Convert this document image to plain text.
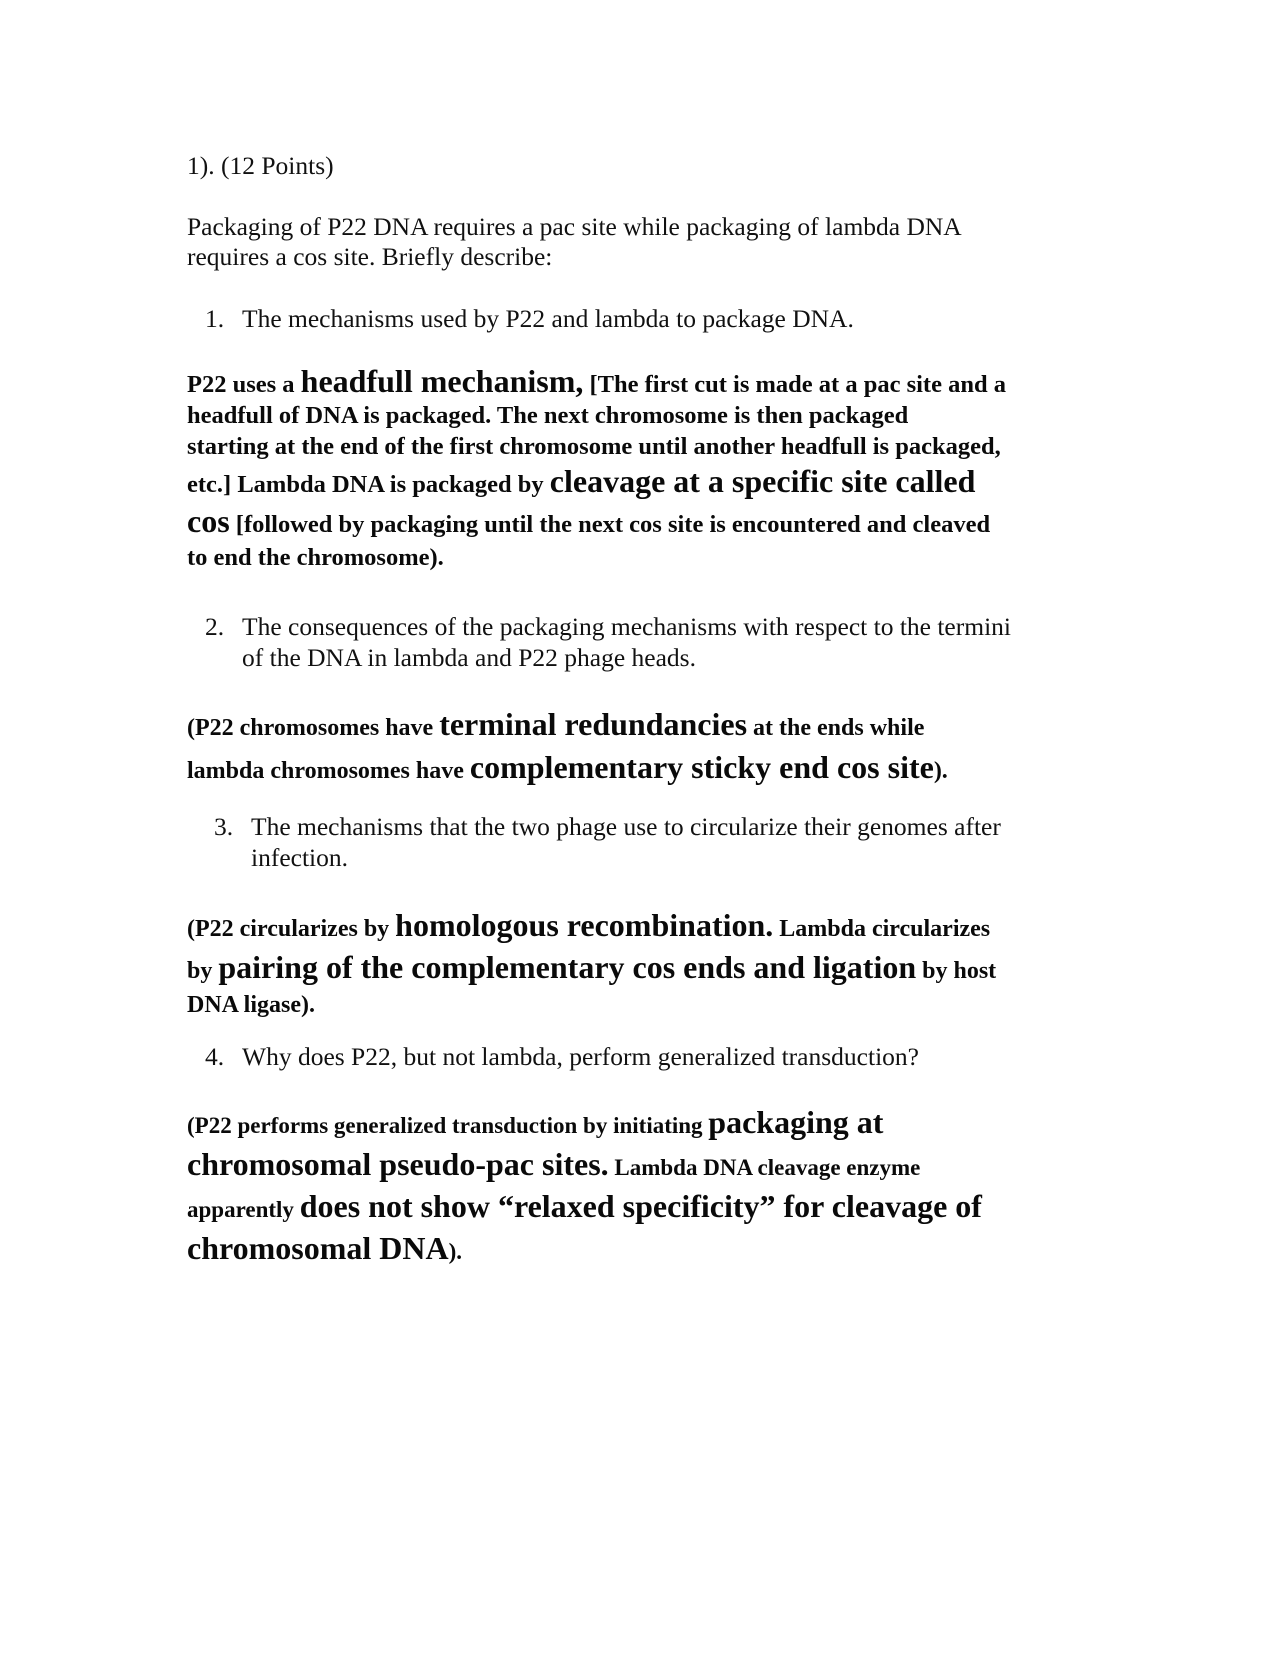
1). (12 Points)

Packaging of P22 DNA requires a pac site while packaging of lambda DNA
requires a cos site. Briefly describe:
1. The mechanisms used by P22 and lambda to package DNA.
P22 uses a headfull mechanism, [The first cut is made at a pac site and a
headfull of DNA is packaged. The next chromosome is then packaged
starting at the end of the first chromosome until another headfull is packaged,
etc.] Lambda DNA is packaged by cleavage at a specific site called
cos [followed by packaging until the next cos site is encountered and cleaved
to end the chromosome).
2. The consequences of the packaging mechanisms with respect to the termini
of the DNA in lambda and P22 phage heads.
(P22 chromosomes have terminal redundancies at the ends while
lambda chromosomes have complementary sticky end cos site).
3. The mechanisms that the two phage use to circularize their genomes after
infection.
(P22 circularizes by homologous recombination. Lambda circularizes
by pairing of the complementary cos ends and ligation by host
DNA ligase).
4. Why does P22, but not lambda, perform generalized transduction?
(P22 performs generalized transduction by initiating packaging at
chromosomal pseudo-pac sites. Lambda DNA cleavage enzyme
apparently does not show “relaxed specificity” for cleavage of
chromosomal DNA).
